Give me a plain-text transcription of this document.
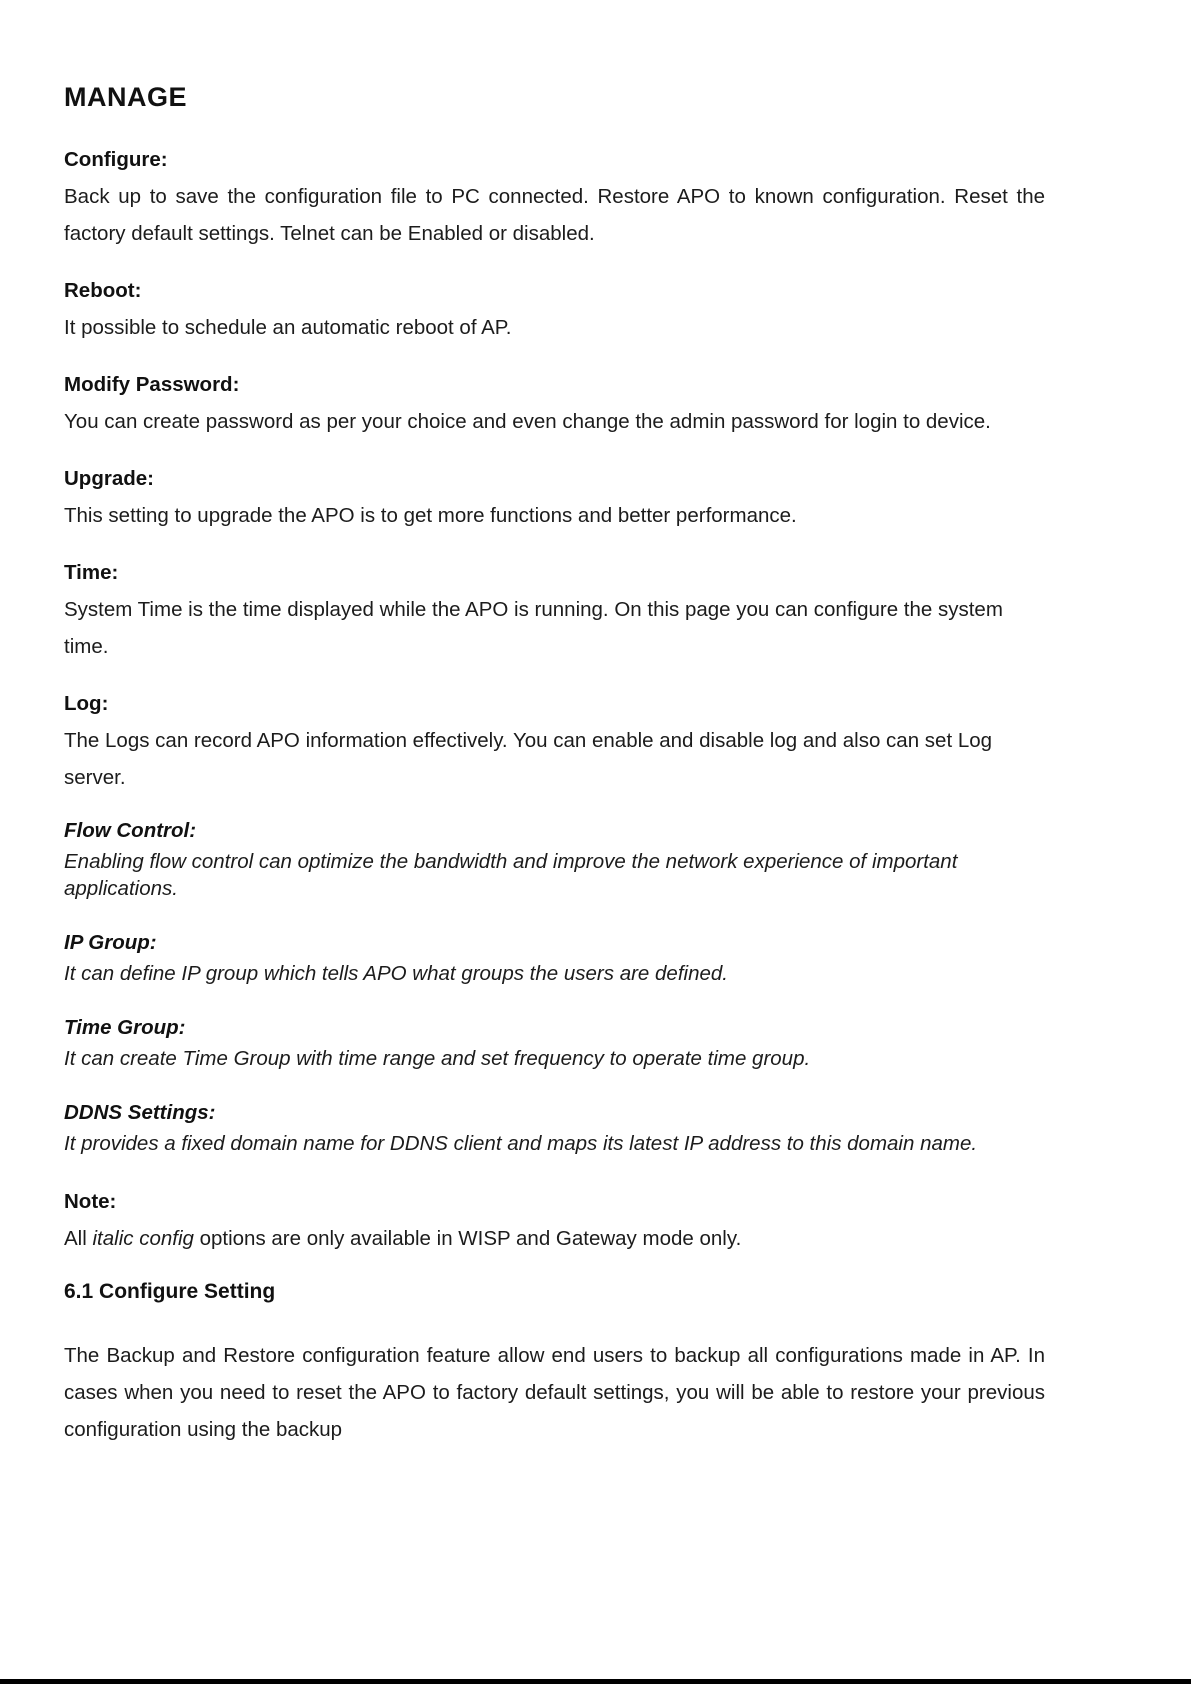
MANAGE
Configure:
Back up to save the configuration file to PC connected. Restore APO to known configuration. Reset the factory default settings. Telnet can be Enabled or disabled.
Reboot:
It possible to schedule an automatic reboot of AP.
Modify Password:
You can create password as per your choice and even change the admin password for login to device.
Upgrade:
This setting to upgrade the APO is to get more functions and better performance.
Time:
System Time is the time displayed while the APO is running. On this page you can configure the system time.
Log:
The Logs can record APO information effectively. You can enable and disable log and also can set Log server.
Flow Control:
Enabling flow control can optimize the bandwidth and improve the network experience of important applications.
IP Group:
It can define IP group which tells APO what groups the users are defined.
Time Group:
It can create Time Group with time range and set frequency to operate time group.
DDNS Settings:
It provides a fixed domain name for DDNS client and maps its latest IP address to this domain name.
Note:
All italic config options are only available in WISP and Gateway mode only.
6.1 Configure Setting
The Backup and Restore configuration feature allow end users to backup all configurations made in AP. In cases when you need to reset the APO to factory default settings, you will be able to restore your previous configuration using the backup
